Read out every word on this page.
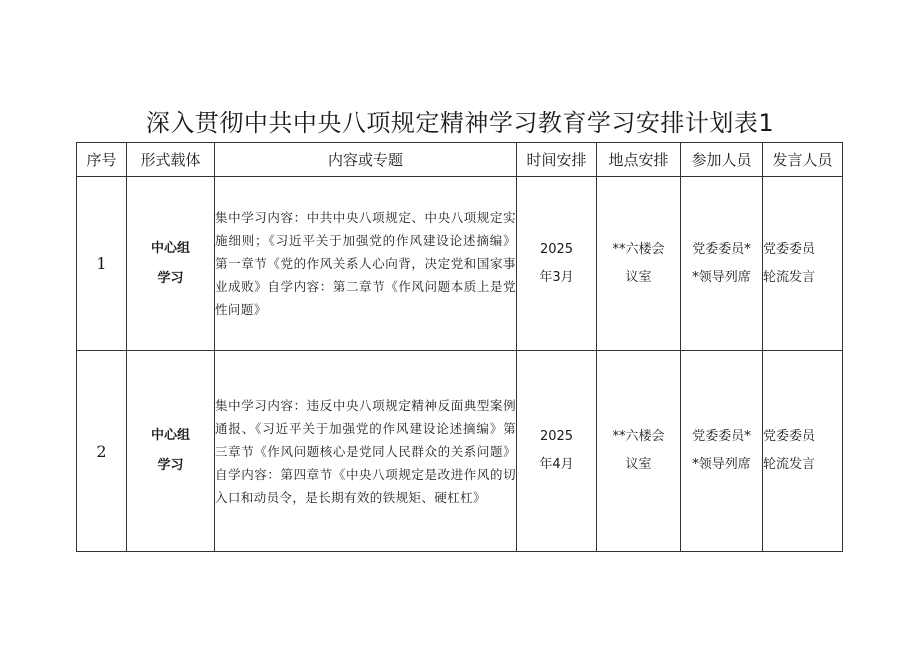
深入贯彻中共中央八项规定精神学习教育学习安排计划表1
序号	形式载体	内容或专题	时间安排	地点安排	参加人员	发言人员
1	中心组学习	集中学习内容：中共中央八项规定、中央八项规定实施细则；《习近平关于加强党的作风建设论述摘编》第一章节《党的作风关系人心向背，决定党和国家事业成败》自学内容：第二章节《作风问题本质上是党性问题》	2025年3月	**六楼会议室	党委委员**领导列席	党委委员轮流发言
2	中心组学习	集中学习内容：违反中央八项规定精神反面典型案例通报、《习近平关于加强党的作风建设论述摘编》第三章节《作风问题核心是党同人民群众的关系问题》自学内容：第四章节《中央八项规定是改进作风的切入口和动员令，是长期有效的铁规矩、硬杠杠》	2025年4月	**六楼会议室	党委委员**领导列席	党委委员轮流发言
